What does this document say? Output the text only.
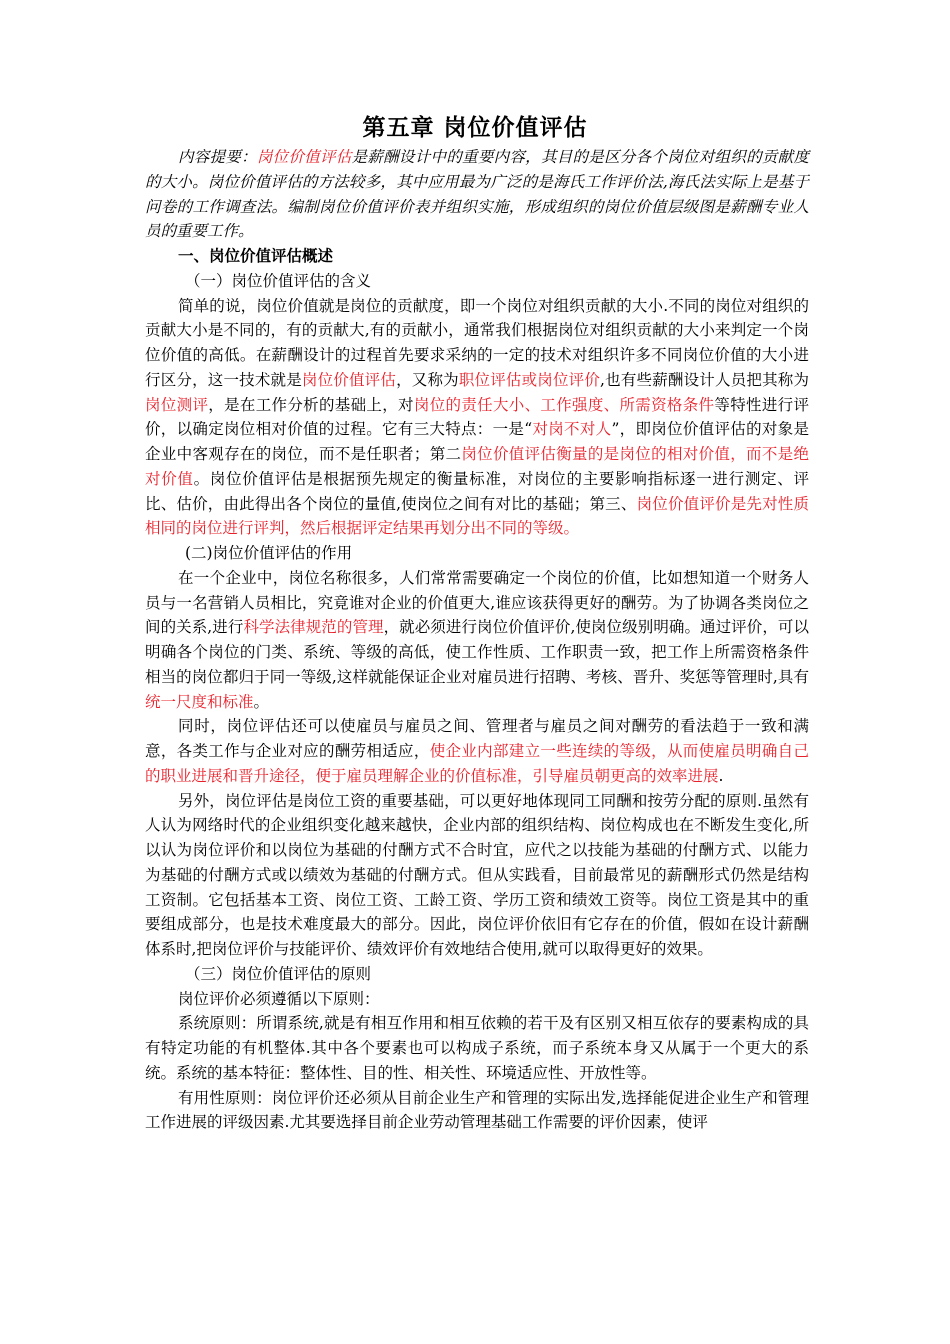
第五章 岗位价值评估

内容提要：岗位价值评估是薪酬设计中的重要内容，其目的是区分各个岗位对组织的贡献度的大小。岗位价值评估的方法较多，其中应用最为广泛的是海氏工作评价法,海氏法实际上是基于问卷的工作调查法。编制岗位价值评价表并组织实施，形成组织的岗位价值层级图是薪酬专业人员的重要工作。

一、岗位价值评估概述

（一）岗位价值评估的含义

简单的说，岗位价值就是岗位的贡献度，即一个岗位对组织贡献的大小.不同的岗位对组织的贡献大小是不同的，有的贡献大,有的贡献小，通常我们根据岗位对组织贡献的大小来判定一个岗位价值的高低。在薪酬设计的过程首先要求采纳的一定的技术对组织许多不同岗位价值的大小进行区分，这一技术就是岗位价值评估，又称为职位评估或岗位评价,也有些薪酬设计人员把其称为岗位测评，是在工作分析的基础上，对岗位的责任大小、工作强度、所需资格条件等特性进行评价，以确定岗位相对价值的过程。它有三大特点：一是“对岗不对人”，即岗位价值评估的对象是企业中客观存在的岗位，而不是任职者；第二岗位价值评估衡量的是岗位的相对价值，而不是绝对价值。岗位价值评估是根据预先规定的衡量标准，对岗位的主要影响指标逐一进行测定、评比、估价，由此得出各个岗位的量值,使岗位之间有对比的基础；第三、岗位价值评价是先对性质相同的岗位进行评判，然后根据评定结果再划分出不同的等级。

(二)岗位价值评估的作用

在一个企业中，岗位名称很多，人们常常需要确定一个岗位的价值，比如想知道一个财务人员与一名营销人员相比，究竟谁对企业的价值更大,谁应该获得更好的酬劳。为了协调各类岗位之间的关系,进行科学法律规范的管理，就必须进行岗位价值评价,使岗位级别明确。通过评价，可以明确各个岗位的门类、系统、等级的高低，使工作性质、工作职责一致，把工作上所需资格条件相当的岗位都归于同一等级,这样就能保证企业对雇员进行招聘、考核、晋升、奖惩等管理时,具有统一尺度和标准。

同时，岗位评估还可以使雇员与雇员之间、管理者与雇员之间对酬劳的看法趋于一致和满意，各类工作与企业对应的酬劳相适应，使企业内部建立一些连续的等级，从而使雇员明确自己的职业进展和晋升途径，便于雇员理解企业的价值标准，引导雇员朝更高的效率进展.

另外，岗位评估是岗位工资的重要基础，可以更好地体现同工同酬和按劳分配的原则.虽然有人认为网络时代的企业组织变化越来越快，企业内部的组织结构、岗位构成也在不断发生变化,所以认为岗位评价和以岗位为基础的付酬方式不合时宜，应代之以技能为基础的付酬方式、以能力为基础的付酬方式或以绩效为基础的付酬方式。但从实践看，目前最常见的薪酬形式仍然是结构工资制。它包括基本工资、岗位工资、工龄工资、学历工资和绩效工资等。岗位工资是其中的重要组成部分，也是技术难度最大的部分。因此，岗位评价依旧有它存在的价值，假如在设计薪酬体系时,把岗位评价与技能评价、绩效评价有效地结合使用,就可以取得更好的效果。

（三）岗位价值评估的原则

岗位评价必须遵循以下原则：

系统原则：所谓系统,就是有相互作用和相互依赖的若干及有区别又相互依存的要素构成的具有特定功能的有机整体.其中各个要素也可以构成子系统，而子系统本身又从属于一个更大的系统。系统的基本特征：整体性、目的性、相关性、环境适应性、开放性等。

有用性原则：岗位评价还必须从目前企业生产和管理的实际出发,选择能促进企业生产和管理工作进展的评级因素.尤其要选择目前企业劳动管理基础工作需要的评价因素，使评
